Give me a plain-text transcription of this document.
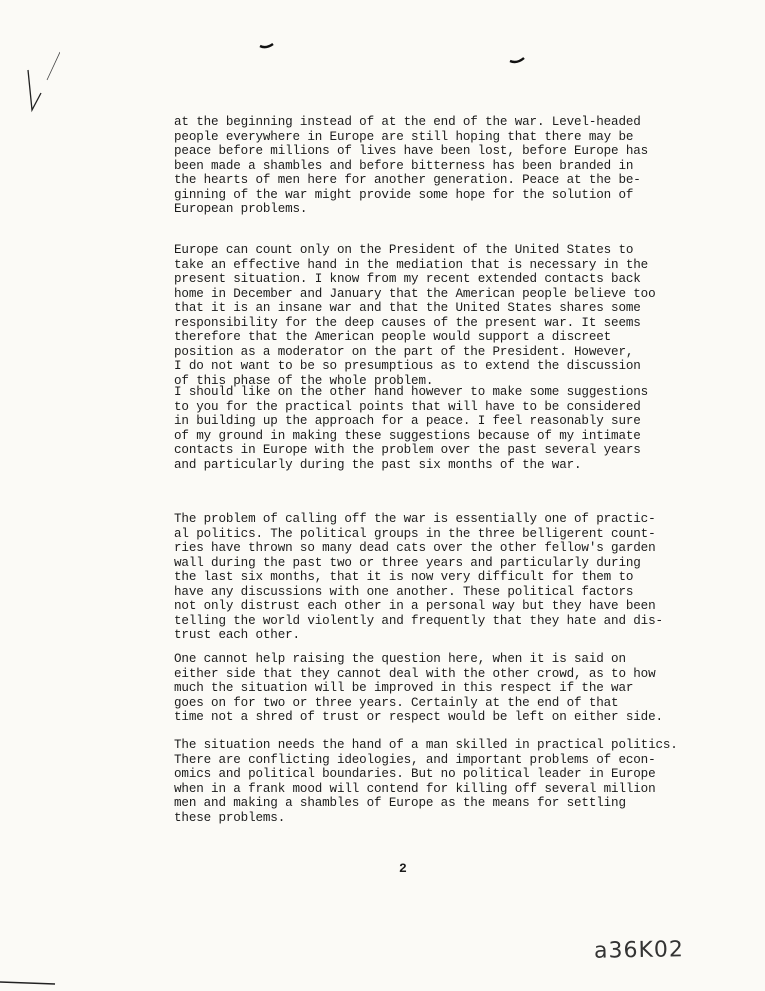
at the beginning instead of at the end of the war. Level-headed
people everywhere in Europe are still hoping that there may be
peace before millions of lives have been lost, before Europe has
been made a shambles and before bitterness has been branded in
the hearts of men here for another generation. Peace at the be-
ginning of the war might provide some hope for the solution of
European problems.
Europe can count only on the President of the United States to
take an effective hand in the mediation that is necessary in the
present situation. I know from my recent extended contacts back
home in December and January that the American people believe too
that it is an insane war and that the United States shares some
responsibility for the deep causes of the present war. It seems
therefore that the American people would support a discreet
position as a moderator on the part of the President. However,
I do not want to be so presumptious as to extend the discussion
of this phase of the whole problem.
I should like on the other hand however to make some suggestions
to you for the practical points that will have to be considered
in building up the approach for a peace. I feel reasonably sure
of my ground in making these suggestions because of my intimate
contacts in Europe with the problem over the past several years
and particularly during the past six months of the war.
The problem of calling off the war is essentially one of practic-
al politics. The political groups in the three belligerent count-
ries have thrown so many dead cats over the other fellow's garden
wall during the past two or three years and particularly during
the last six months, that it is now very difficult for them to
have any discussions with one another. These political factors
not only distrust each other in a personal way but they have been
telling the world violently and frequently that they hate and dis-
trust each other.
One cannot help raising the question here, when it is said on
either side that they cannot deal with the other crowd, as to how
much the situation will be improved in this respect if the war
goes on for two or three years. Certainly at the end of that
time not a shred of trust or respect would be left on either side.
The situation needs the hand of a man skilled in practical politics.
There are conflicting ideologies, and important problems of econ-
omics and political boundaries. But no political leader in Europe
when in a frank mood will contend for killing off several million
men and making a shambles of Europe as the means for settling
these problems.
2
a36K02
